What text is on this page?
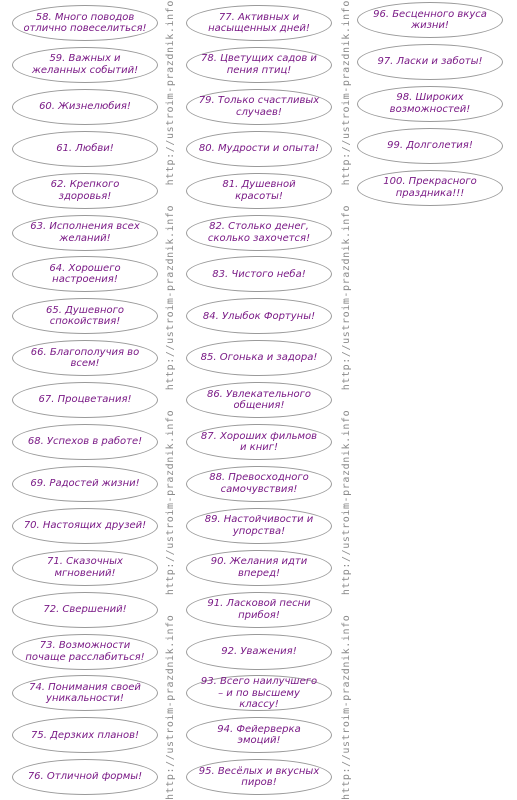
58. Много поводов отлично повеселиться!
59. Важных и желанных событий!
60. Жизнелюбия!
61. Любви!
62. Крепкого здоровья!
63. Исполнения всех желаний!
64. Хорошего настроения!
65. Душевного спокойствия!
66. Благополучия во всем!
67. Процветания!
68. Успехов в работе!
69. Радостей жизни!
70. Настоящих друзей!
71. Сказочных мгновений!
72. Свершений!
73. Возможности почаще расслабиться!
74. Понимания своей уникальности!
75. Дерзких планов!
76. Отличной формы!
77. Активных и насыщенных дней!
78. Цветущих садов и пения птиц!
79. Только счастливых случаев!
80. Мудрости и опыта!
81. Душевной красоты!
82. Столько денег, сколько захочется!
83. Чистого неба!
84. Улыбок Фортуны!
85. Огонька и задора!
86. Увлекательного общения!
87. Хороших фильмов и книг!
88. Превосходного самочувствия!
89. Настойчивости и упорства!
90. Желания идти вперед!
91. Ласковой песни прибоя!
92. Уважения!
93. Всего наилучшего – и по высшему классу!
94. Фейерверка эмоций!
95. Весёлых и вкусных пиров!
96. Бесценного вкуса жизни!
97. Ласки и заботы!
98. Широких возможностей!
99. Долголетия!
100. Прекрасного праздника!!!
http://ustroim-prazdnik.info
http://ustroim-prazdnik.info
http://ustroim-prazdnik.info
http://ustroim-prazdnik.info
http://ustroim-prazdnik.info
http://ustroim-prazdnik.info
http://ustroim-prazdnik.info
http://ustroim-prazdnik.info
